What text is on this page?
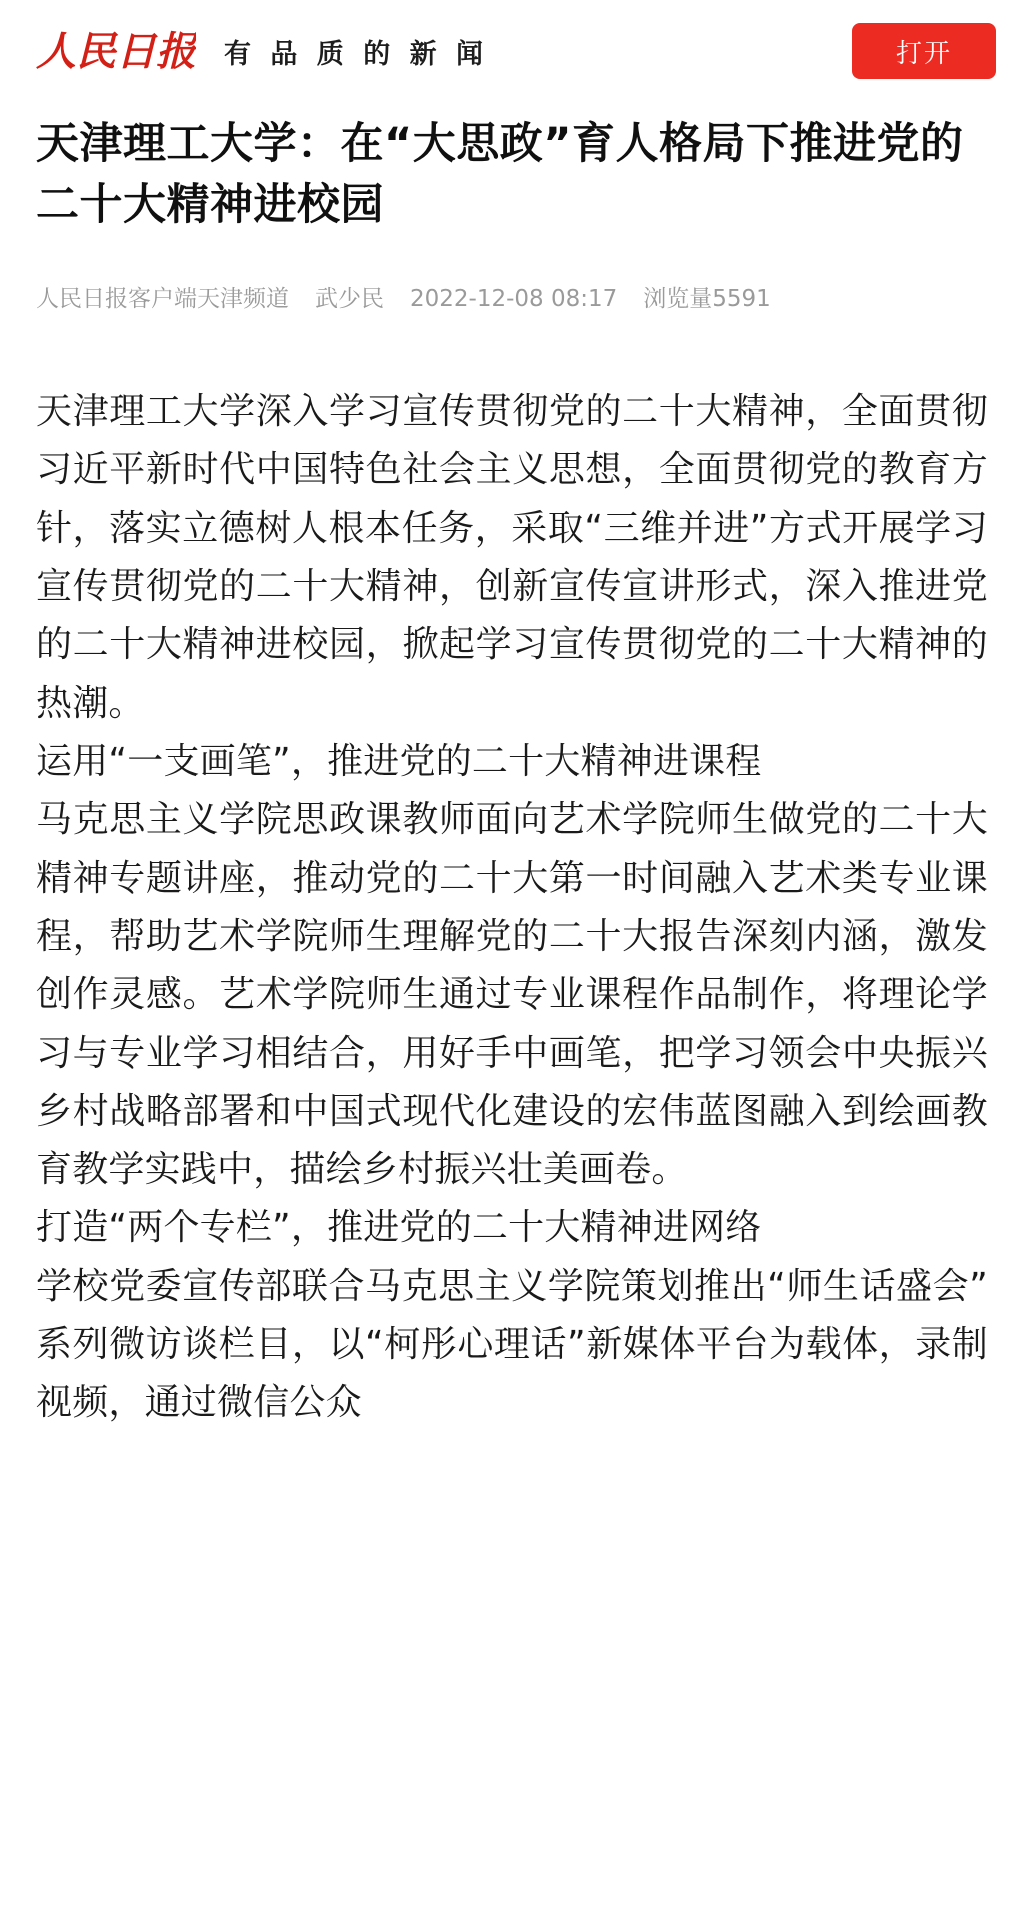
人民日报 有 品 质 的 新 闻	打开
天津理工大学：在“大思政”育人格局下推进党的二十大精神进校园
人民日报客户端天津频道 武少民 2022-12-08 08:17 浏览量5591

天津理工大学深入学习宣传贯彻党的二十大精神，全面贯彻习近平新时代中国特色社会主义思想，全面贯彻党的教育方针，落实立德树人根本任务，采取“三维并进”方式开展学习宣传贯彻党的二十大精神，创新宣传宣讲形式，深入推进党的二十大精神进校园，掀起学习宣传贯彻党的二十大精神的热潮。

运用“一支画笔”，推进党的二十大精神进课程

马克思主义学院思政课教师面向艺术学院师生做党的二十大精神专题讲座，推动党的二十大第一时间融入艺术类专业课程，帮助艺术学院师生理解党的二十大报告深刻内涵，激发创作灵感。艺术学院师生通过专业课程作品制作，将理论学习与专业学习相结合，用好手中画笔，把学习领会中央振兴乡村战略部署和中国式现代化建设的宏伟蓝图融入到绘画教育教学实践中，描绘乡村振兴壮美画卷。

打造“两个专栏”，推进党的二十大精神进网络

学校党委宣传部联合马克思主义学院策划推出“师生话盛会”系列微访谈栏目，以“柯彤心理话”新媒体平台为载体，录制视频，通过微信公众
